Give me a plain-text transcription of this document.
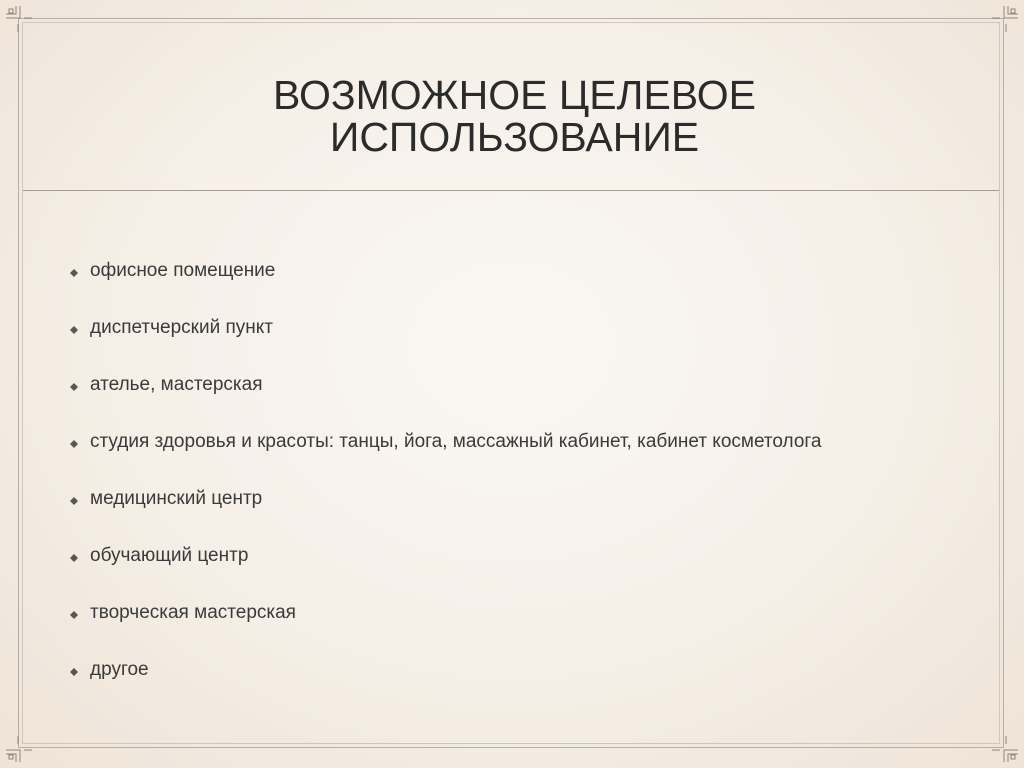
ВОЗМОЖНОЕ ЦЕЛЕВОЕ
ИСПОЛЬЗОВАНИЕ
офисное помещение
диспетчерский пункт
ателье, мастерская
студия здоровья и красоты: танцы, йога, массажный кабинет, кабинет косметолога
медицинский центр
обучающий центр
творческая мастерская
другое
